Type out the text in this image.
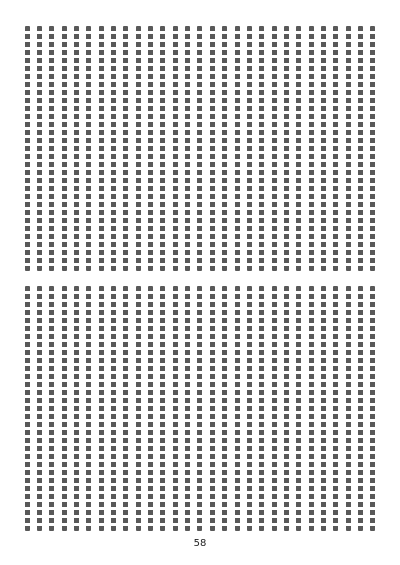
58
